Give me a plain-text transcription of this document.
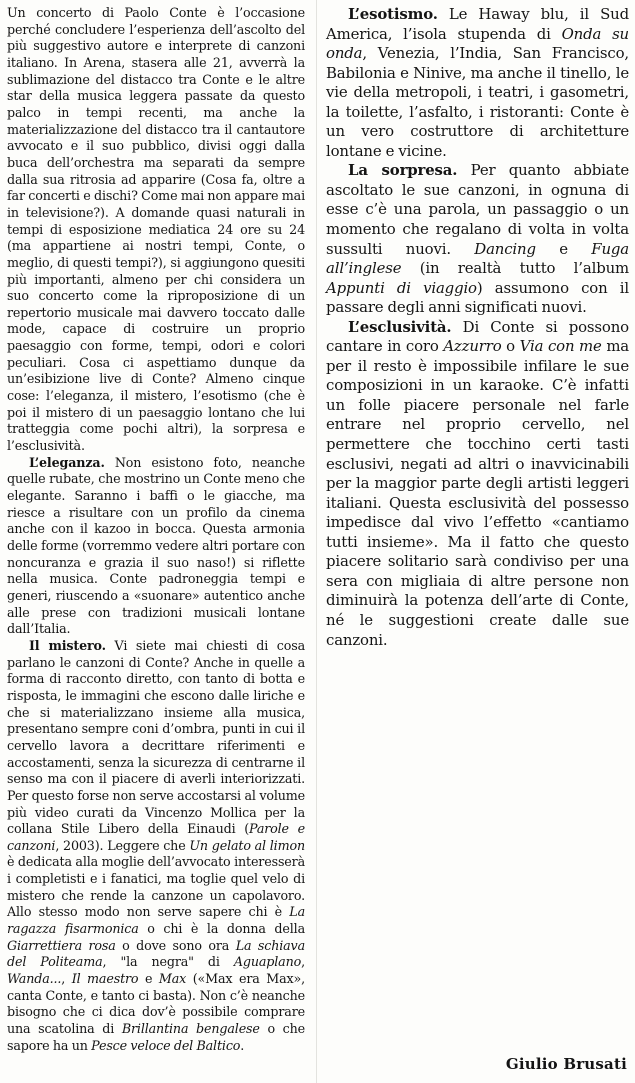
Un concerto di Paolo Conte è l’occasione perché concludere l’esperienza dell’ascolto del più suggestivo autore e interprete di canzoni italiano. In Arena, stasera alle 21, avverrà la sublimazione del distacco tra Conte e le altre star della musica leggera passate da questo palco in tempi recenti, ma anche la materializzazione del distacco tra il cantautore avvocato e il suo pubblico, divisi oggi dalla buca dell’orchestra ma separati da sempre dalla sua ritrosia ad apparire (Cosa fa, oltre a far concerti e dischi? Come mai non appare mai in televisione?). A domande quasi naturali in tempi di esposizione mediatica 24 ore su 24 (ma appartiene ai nostri tempi, Conte, o meglio, di questi tempi?), si aggiungono quesiti più importanti, almeno per chi considera un suo concerto come la riproposizione di un repertorio musicale mai davvero toccato dalle mode, capace di costruire un proprio paesaggio con forme, tempi, odori e colori peculiari. Cosa ci aspettiamo dunque da un’esibizione live di Conte? Almeno cinque cose: l’eleganza, il mistero, l’esotismo (che è poi il mistero di un paesaggio lontano che lui tratteggia come pochi altri), la sorpresa e l’esclusività.

L’eleganza. Non esistono foto, neanche quelle rubate, che mostrino un Conte meno che elegante. Saranno i baffi o le giacche, ma riesce a risultare con un profilo da cinema anche con il kazoo in bocca. Questa armonia delle forme (vorremmo vedere altri portare con noncuranza e grazia il suo naso!) si riflette nella musica. Conte padroneggia tempi e generi, riuscendo a «suonare» autentico anche alle prese con tradizioni musicali lontane dall’Italia.

Il mistero. Vi siete mai chiesti di cosa parlano le canzoni di Conte? Anche in quelle a forma di racconto diretto, con tanto di botta e risposta, le immagini che escono dalle liriche e che si materializzano insieme alla musica, presentano sempre coni d’ombra, punti in cui il cervello lavora a decrittare riferimenti e accostamenti, senza la sicurezza di centrarne il senso ma con il piacere di averli interiorizzati. Per questo forse non serve accostarsi al volume più video curati da Vincenzo Mollica per la collana Stile Libero della Einaudi (Parole e canzoni, 2003). Leggere che Un gelato al limon è dedicata alla moglie dell’avvocato interesserà i completisti e i fanatici, ma toglie quel velo di mistero che rende la canzone un capolavoro. Allo stesso modo non serve sapere chi è La ragazza fisarmonica o chi è la donna della Giarrettiera rosa o dove sono ora La schiava del Politeama, "la negra" di Aguaplano, Wanda..., Il maestro e Max («Max era Max», canta Conte, e tanto ci basta). Non c’è neanche bisogno che ci dica dov’è possibile comprare una scatolina di Brillantina bengalese o che sapore ha un Pesce veloce del Baltico.

L’esotismo. Le Haway blu, il Sud America, l’isola stupenda di Onda su onda, Venezia, l’India, San Francisco, Babilonia e Ninive, ma anche il tinello, le vie della metropoli, i teatri, i gasometri, la toilette, l’asfalto, i ristoranti: Conte è un vero costruttore di architetture lontane e vicine.

La sorpresa. Per quanto abbiate ascoltato le sue canzoni, in ognuna di esse c’è una parola, un passaggio o un momento che regalano di volta in volta sussulti nuovi. Dancing e Fuga all’inglese (in realtà tutto l’album Appunti di viaggio) assumono con il passare degli anni significati nuovi.

L’esclusività. Di Conte si possono cantare in coro Azzurro o Via con me ma per il resto è impossibile infilare le sue composizioni in un karaoke. C’è infatti un folle piacere personale nel farle entrare nel proprio cervello, nel permettere che tocchino certi tasti esclusivi, negati ad altri o inavvicinabili per la maggior parte degli artisti leggeri italiani. Questa esclusività del possesso impedisce dal vivo l’effetto «cantiamo tutti insieme». Ma il fatto che questo piacere solitario sarà condiviso per una sera con migliaia di altre persone non diminuirà la potenza dell’arte di Conte, né le suggestioni create dalle sue canzoni.

Giulio Brusati
